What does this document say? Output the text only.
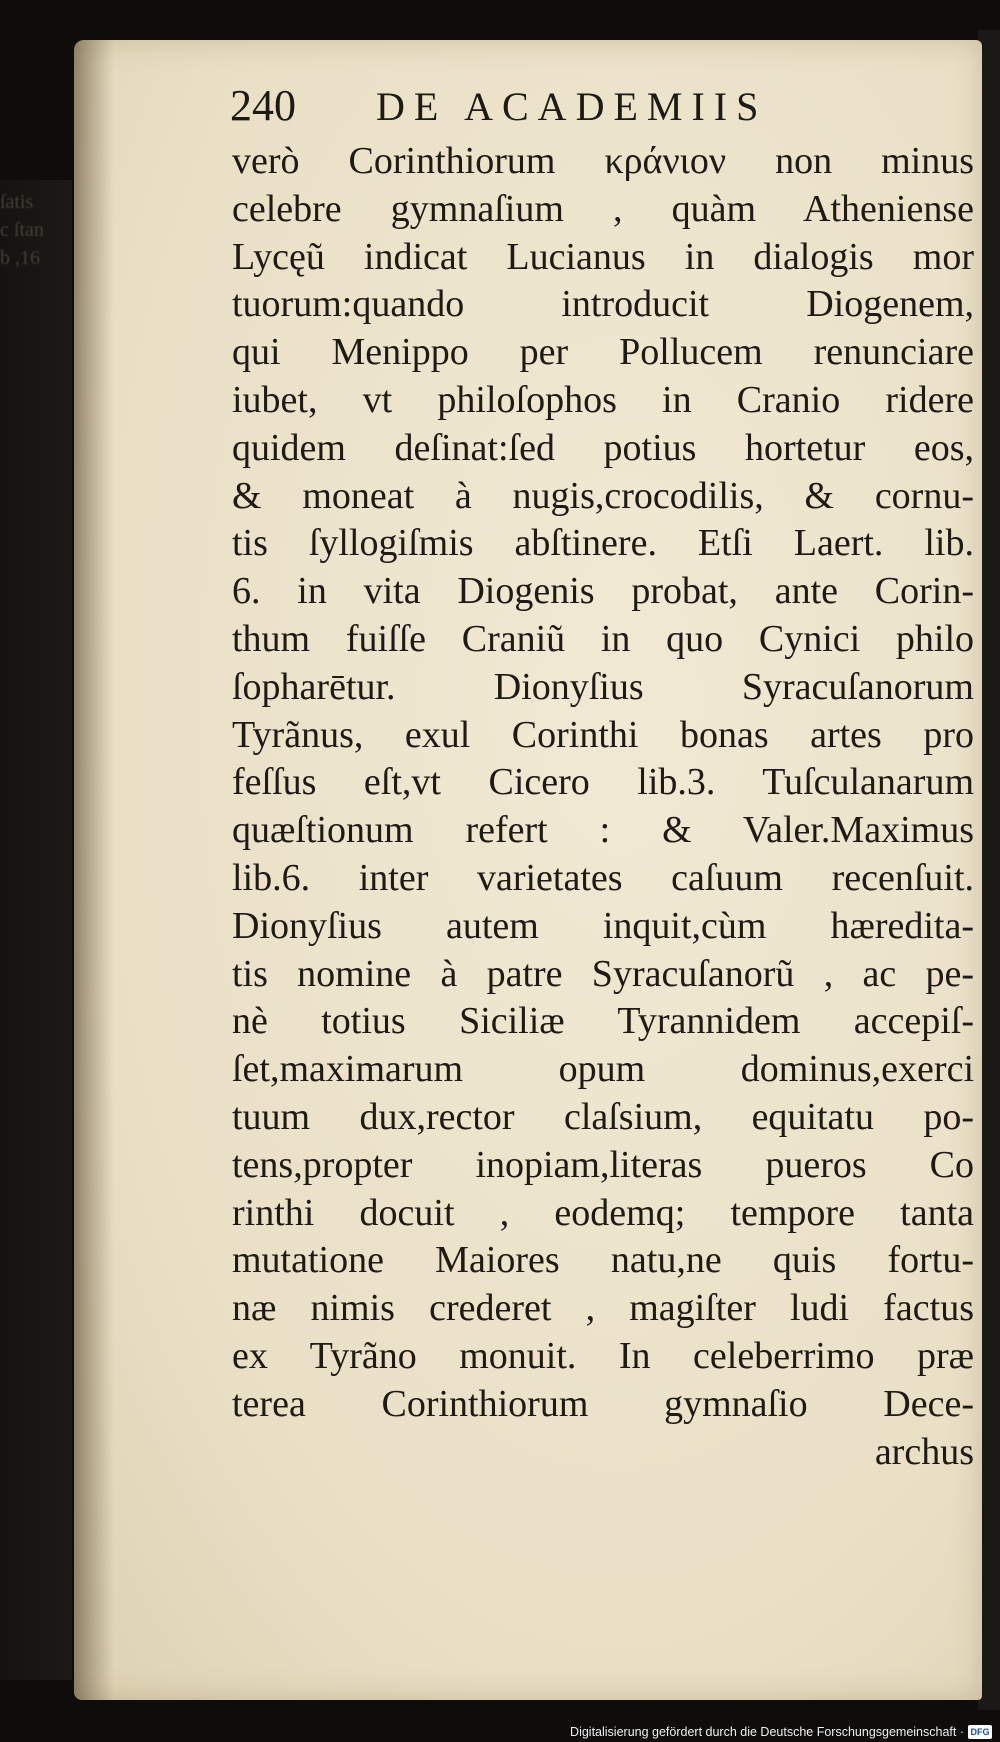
ſatis
c ſtan
b ,16
240 DE ACADEMIIS
verò Corinthiorum κράνιον non minus
celebre gymnaſium , quàm Atheniense
Lycęũ indicat Lucianus in dialogis mor
tuorum:quando introducit Diogenem,
qui Menippo per Pollucem renunciare
iubet, vt philoſophos in Cranio ridere
quidem deſinat:ſed potius hortetur eos,
& moneat à nugis,crocodilis, & cornu-
tis ſyllogiſmis abſtinere. Etſi Laert. lib.
6. in vita Diogenis probat, ante Corin-
thum fuiſſe Craniũ in quo Cynici philo
ſopharētur. Dionyſius Syracuſanorum
Tyrãnus, exul Corinthi bonas artes pro
feſſus eſt,vt Cicero lib.3. Tuſculanarum
quæſtionum refert : & Valer.Maximus
lib.6. inter varietates caſuum recenſuit.
Dionyſius autem inquit,cùm hæredita-
tis nomine à patre Syracuſanorũ , ac pe-
nè totius Siciliæ Tyrannidem accepiſ-
ſet,maximarum opum dominus,exerci
tuum dux,rector claſsium, equitatu po-
tens,propter inopiam,literas pueros Co
rinthi docuit , eodemq; tempore tanta
mutatione Maiores natu,ne quis fortu-
næ nimis crederet , magiſter ludi factus
ex Tyrãno monuit. In celeberrimo præ
terea Corinthiorum gymnaſio Dece-
archus
Digitalisierung gefördert durch die Deutsche Forschungsgemeinschaft · DFG
